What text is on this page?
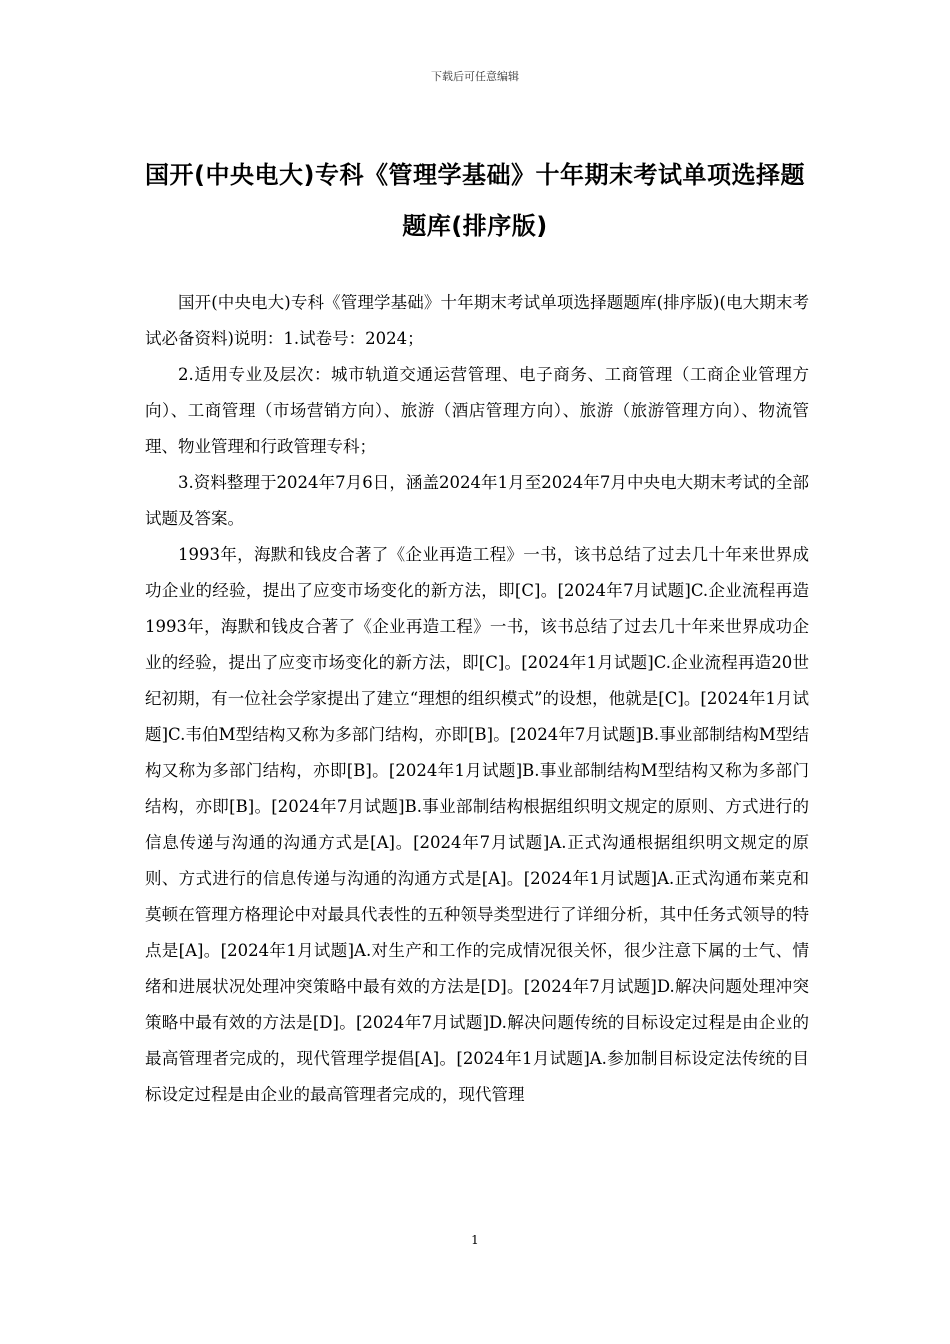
下载后可任意编辑
国开(中央电大)专科《管理学基础》十年期末考试单项选择题题库(排序版)

国开(中央电大)专科《管理学基础》十年期末考试单项选择题题库(排序版)(电大期末考试必备资料)说明：1.试卷号：2024；

2.适用专业及层次：城市轨道交通运营管理、电子商务、工商管理（工商企业管理方向）、工商管理（市场营销方向）、旅游（酒店管理方向）、旅游（旅游管理方向）、物流管理、物业管理和行政管理专科；

3.资料整理于2024年7月6日，涵盖2024年1月至2024年7月中央电大期末考试的全部试题及答案。

1993年，海默和钱皮合著了《企业再造工程》一书，该书总结了过去几十年来世界成功企业的经验，提出了应变市场变化的新方法，即[C]。[2024年7月试题]C.企业流程再造1993年，海默和钱皮合著了《企业再造工程》一书，该书总结了过去几十年来世界成功企业的经验，提出了应变市场变化的新方法，即[C]。[2024年1月试题]C.企业流程再造20世纪初期，有一位社会学家提出了建立“理想的组织模式”的设想，他就是[C]。[2024年1月试题]C.韦伯M型结构又称为多部门结构，亦即[B]。[2024年7月试题]B.事业部制结构M型结构又称为多部门结构，亦即[B]。[2024年1月试题]B.事业部制结构M型结构又称为多部门结构，亦即[B]。[2024年7月试题]B.事业部制结构根据组织明文规定的原则、方式进行的信息传递与沟通的沟通方式是[A]。[2024年7月试题]A.正式沟通根据组织明文规定的原则、方式进行的信息传递与沟通的沟通方式是[A]。[2024年1月试题]A.正式沟通布莱克和莫顿在管理方格理论中对最具代表性的五种领导类型进行了详细分析，其中任务式领导的特点是[A]。[2024年1月试题]A.对生产和工作的完成情况很关怀，很少注意下属的士气、情绪和进展状况处理冲突策略中最有效的方法是[D]。[2024年7月试题]D.解决问题处理冲突策略中最有效的方法是[D]。[2024年7月试题]D.解决问题传统的目标设定过程是由企业的最高管理者完成的，现代管理学提倡[A]。[2024年1月试题]A.参加制目标设定法传统的目标设定过程是由企业的最高管理者完成的，现代管理

1
